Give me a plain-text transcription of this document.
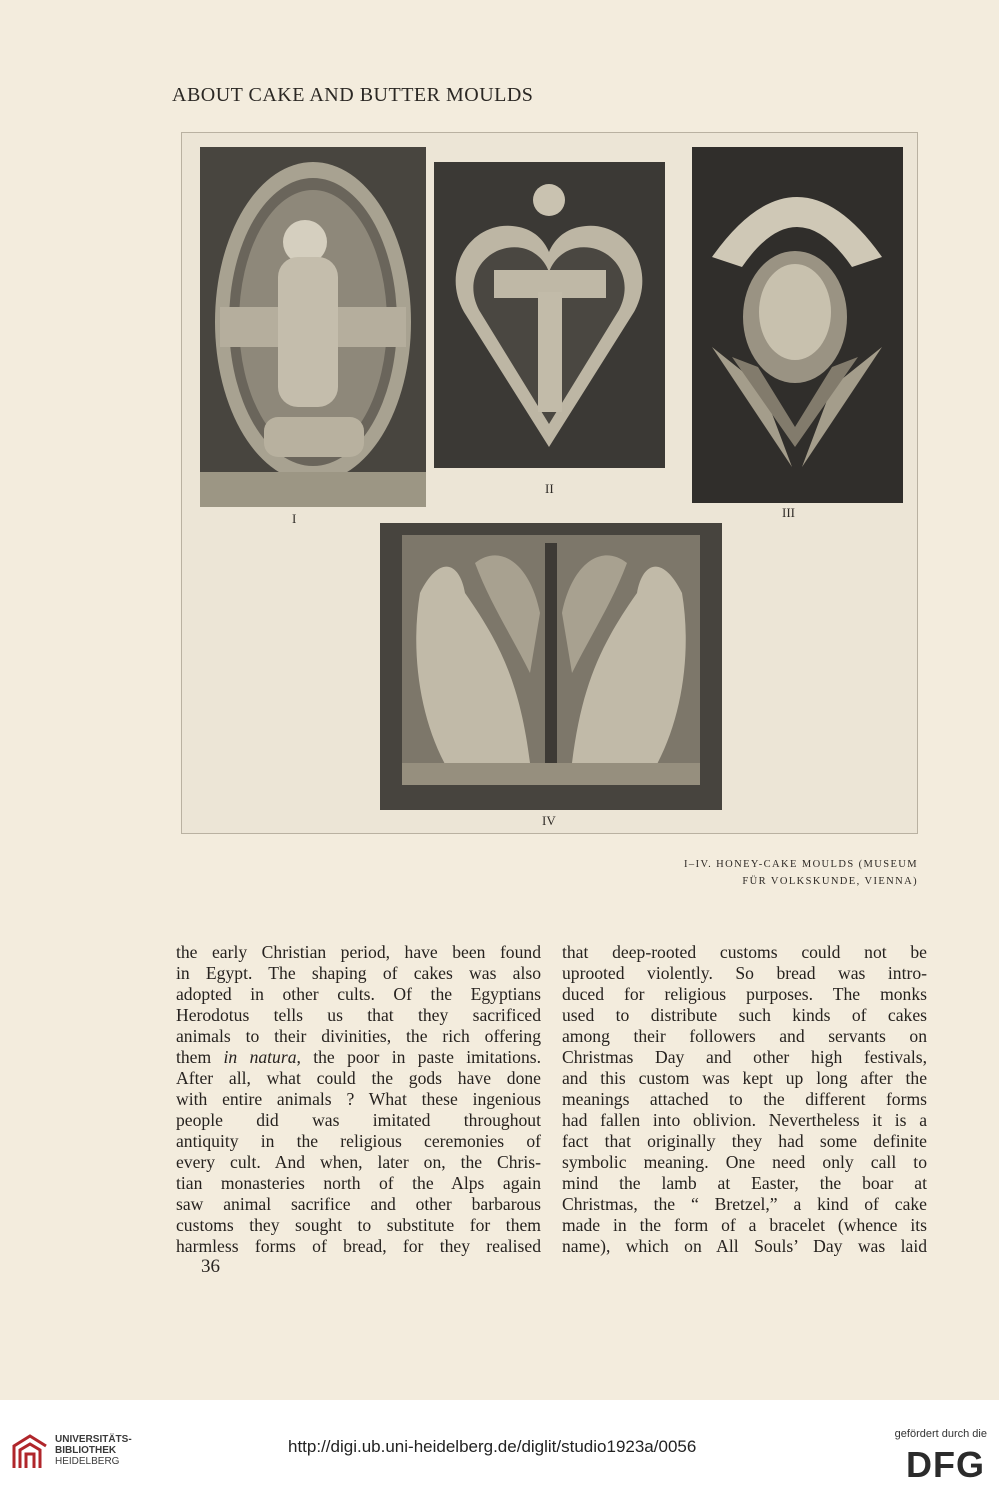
ABOUT CAKE AND BUTTER MOULDS
I
II
III
IV
I–IV. HONEY-CAKE MOULDS (MUSEUM
FÜR VOLKSKUNDE, VIENNA)
the early Christian period, have been found
in Egypt. The shaping of cakes was also
adopted in other cults. Of the Egyptians
Herodotus tells us that they sacrificed
animals to their divinities, the rich offering
them in natura, the poor in paste imitations.
After all, what could the gods have done
with entire animals ? What these ingenious
people did was imitated throughout
antiquity in the religious ceremonies of
every cult. And when, later on, the Chris-
tian monasteries north of the Alps again
saw animal sacrifice and other barbarous
customs they sought to substitute for them
harmless forms of bread, for they realised
that deep-rooted customs could not be
uprooted violently. So bread was intro-
duced for religious purposes. The monks
used to distribute such kinds of cakes
among their followers and servants on
Christmas Day and other high festivals,
and this custom was kept up long after the
meanings attached to the different forms
had fallen into oblivion. Nevertheless it is a
fact that originally they had some definite
symbolic meaning. One need only call to
mind the lamb at Easter, the boar at
Christmas, the “ Bretzel,” a kind of cake
made in the form of a bracelet (whence its
name), which on All Souls’ Day was laid
36
UNIVERSITÄTS-
BIBLIOTHEK
HEIDELBERG
http://digi.ub.uni-heidelberg.de/diglit/studio1923a/0056
gefördert durch die
DFG
